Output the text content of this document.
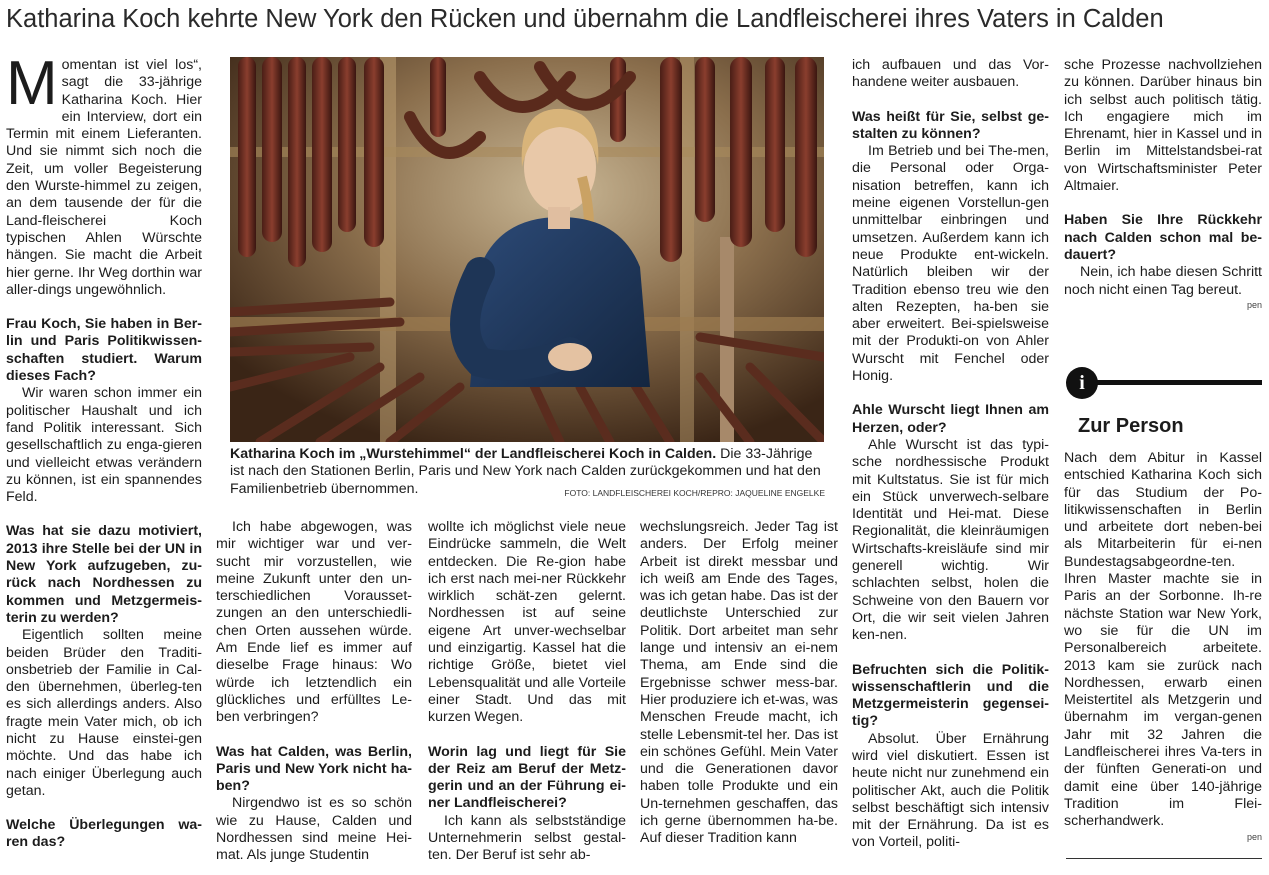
Katharina Koch kehrte New York den Rücken und übernahm die Landfleischerei ihres Vaters in Calden

Momentan ist viel los“, sagt die 33-jährige Katharina Koch. Hier ein Interview, dort ein Termin mit einem Lieferanten. Und sie nimmt sich noch die Zeit, um voller Begeisterung den Wurste-himmel zu zeigen, an dem tausende der für die Land-fleischerei Koch typischen Ahlen Würschte hängen. Sie macht die Arbeit hier gerne. Ihr Weg dorthin war aller-dings ungewöhnlich.

Frau Koch, Sie haben in Ber-lin und Paris Politikwissen-schaften studiert. Warum dieses Fach?

Wir waren schon immer ein politischer Haushalt und ich fand Politik interessant. Sich gesellschaftlich zu enga-gieren und vielleicht etwas verändern zu können, ist ein spannendes Feld.

Was hat sie dazu motiviert, 2013 ihre Stelle bei der UN in New York aufzugeben, zu-rück nach Nordhessen zu kommen und Metzgermeis-terin zu werden?

Eigentlich sollten meine beiden Brüder den Traditi-onsbetrieb der Familie in Cal-den übernehmen, überleg-ten es sich allerdings anders. Also fragte mein Vater mich, ob ich nicht zu Hause einstei-gen möchte. Und das habe ich nach einiger Überlegung auch getan.

Welche Überlegungen wa-ren das?

Katharina Koch im „Wurstehimmel“ der Landfleischerei Koch in Calden. Die 33-Jährige ist nach den Stationen Berlin, Paris und New York nach Calden zurückgekommen und hat den Familienbetrieb übernommen.	FOTO: LANDFLEISCHEREI KOCH/REPRO: JAQUELINE ENGELKE

Ich habe abgewogen, was mir wichtiger war und ver-sucht mir vorzustellen, wie meine Zukunft unter den un-terschiedlichen Vorausset-zungen an den unterschiedli-chen Orten aussehen würde. Am Ende lief es immer auf dieselbe Frage hinaus: Wo würde ich letztendlich ein glückliches und erfülltes Le-ben verbringen?

Was hat Calden, was Berlin, Paris und New York nicht ha-ben?

Nirgendwo ist es so schön wie zu Hause, Calden und Nordhessen sind meine Hei-mat. Als junge Studentin

wollte ich möglichst viele neue Eindrücke sammeln, die Welt entdecken. Die Re-gion habe ich erst nach mei-ner Rückkehr wirklich schät-zen gelernt. Nordhessen ist auf seine eigene Art unver-wechselbar und einzigartig. Kassel hat die richtige Größe, bietet viel Lebensqualität und alle Vorteile einer Stadt. Und das mit kurzen Wegen.

Worin lag und liegt für Sie der Reiz am Beruf der Metz-gerin und an der Führung ei-ner Landfleischerei?

Ich kann als selbstständige Unternehmerin selbst gestal-ten. Der Beruf ist sehr ab-

wechslungsreich. Jeder Tag ist anders. Der Erfolg meiner Arbeit ist direkt messbar und ich weiß am Ende des Tages, was ich getan habe. Das ist der deutlichste Unterschied zur Politik. Dort arbeitet man sehr lange und intensiv an ei-nem Thema, am Ende sind die Ergebnisse schwer mess-bar. Hier produziere ich et-was, was Menschen Freude macht, ich stelle Lebensmit-tel her. Das ist ein schönes Gefühl. Mein Vater und die Generationen davor haben tolle Produkte und ein Un-ternehmen geschaffen, das ich gerne übernommen ha-be. Auf dieser Tradition kann

ich aufbauen und das Vor-handene weiter ausbauen.

Was heißt für Sie, selbst ge-stalten zu können?

Im Betrieb und bei The-men, die Personal oder Orga-nisation betreffen, kann ich meine eigenen Vorstellun-gen unmittelbar einbringen und umsetzen. Außerdem kann ich neue Produkte ent-wickeln. Natürlich bleiben wir der Tradition ebenso treu wie den alten Rezepten, ha-ben sie aber erweitert. Bei-spielsweise mit der Produkti-on von Ahler Wurscht mit Fenchel oder Honig.

Ahle Wurscht liegt Ihnen am Herzen, oder?

Ahle Wurscht ist das typi-sche nordhessische Produkt mit Kultstatus. Sie ist für mich ein Stück unverwech-selbare Identität und Hei-mat. Diese Regionalität, die kleinräumigen Wirtschafts-kreisläufe sind mir generell wichtig. Wir schlachten selbst, holen die Schweine von den Bauern vor Ort, die wir seit vielen Jahren ken-nen.

Befruchten sich die Politik-wissenschaftlerin und die Metzgermeisterin gegensei-tig?

Absolut. Über Ernährung wird viel diskutiert. Essen ist heute nicht nur zunehmend ein politischer Akt, auch die Politik selbst beschäftigt sich intensiv mit der Ernährung. Da ist es von Vorteil, politi-

sche Prozesse nachvollziehen zu können. Darüber hinaus bin ich selbst auch politisch tätig. Ich engagiere mich im Ehrenamt, hier in Kassel und in Berlin im Mittelstandsbei-rat von Wirtschaftsminister Peter Altmaier.

Haben Sie Ihre Rückkehr nach Calden schon mal be-dauert?

Nein, ich habe diesen Schritt noch nicht einen Tag bereut.

pen
i
Zur Person

Nach dem Abitur in Kassel entschied Katharina Koch sich für das Studium der Po-litikwissenschaften in Berlin und arbeitete dort neben-bei als Mitarbeiterin für ei-nen Bundestagsabgeordne-ten. Ihren Master machte sie in Paris an der Sorbonne. Ih-re nächste Station war New York, wo sie für die UN im Personalbereich arbeitete. 2013 kam sie zurück nach Nordhessen, erwarb einen Meistertitel als Metzgerin und übernahm im vergan-genen Jahr mit 32 Jahren die Landfleischerei ihres Va-ters in der fünften Generati-on und damit eine über 140-jährige Tradition im Flei-scherhandwerk.

pen
